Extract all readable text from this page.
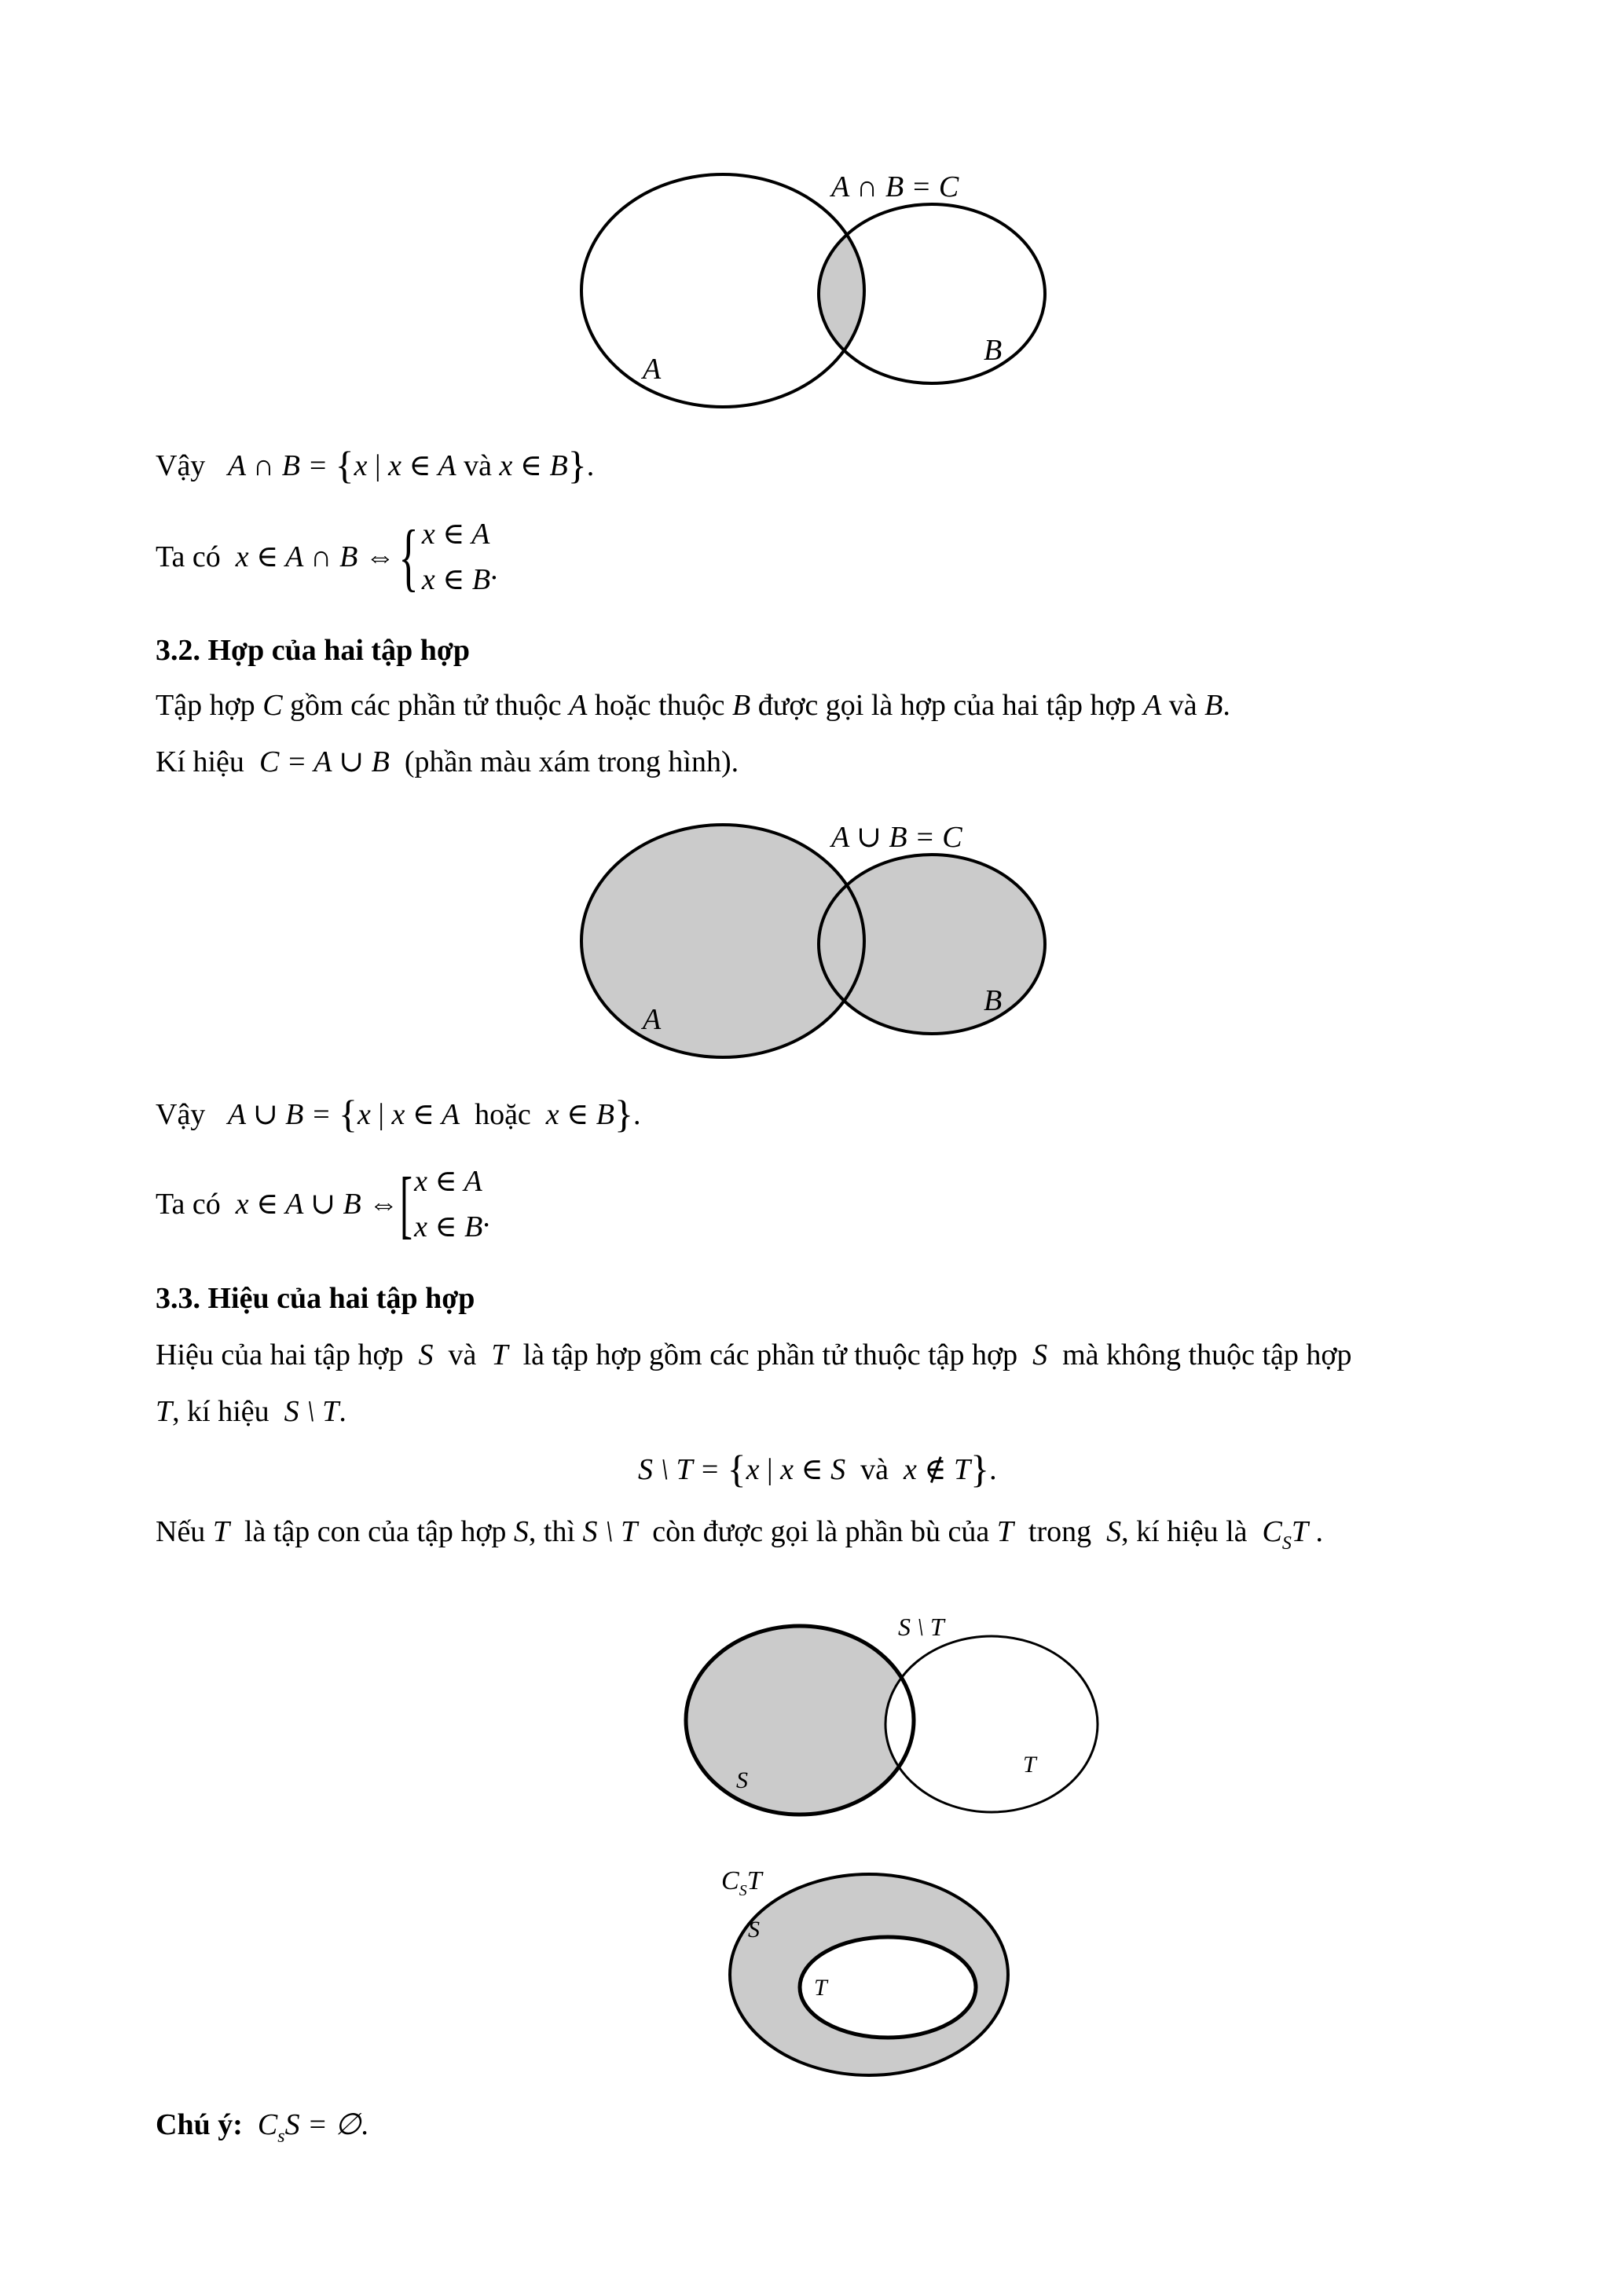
A ∩ B = C
A
B
A ∪ B = C
A
B
S \ T
S
T
$C_ST$
S
T
Vậy A ∩ B = {x | x ∈ A và x ∈ B}.
Ta có
x ∈ A ∩ B ⇔ { x ∈ A
x ∈ B .
3.2. Hợp của hai tập hợp
Tập hợp C gồm các phần tử thuộc A hoặc thuộc B được gọi là hợp của hai tập hợp A và B.
Kí hiệu C = A ∪ B (phần màu xám trong hình).
Vậy A ∪ B = {x | x ∈ A hoặc x ∈ B}.
Ta có
x ∈ A ∪ B ⇔ [ x ∈ A
x ∈ B .
3.3. Hiệu của hai tập hợp
Hiệu của hai tập hợp S và T là tập hợp gồm các phần tử thuộc tập hợp S mà không thuộc tập hợp
T, kí hiệu S \ T.
S \ T = {x | x ∈ S và x ∉ T}.
Nếu T là tập con của tập hợp S, thì S \ T còn được gọi là phần bù của T trong S, kí hiệu là $C_ST$ .
Chú ý: $C_sS$ = ∅.
